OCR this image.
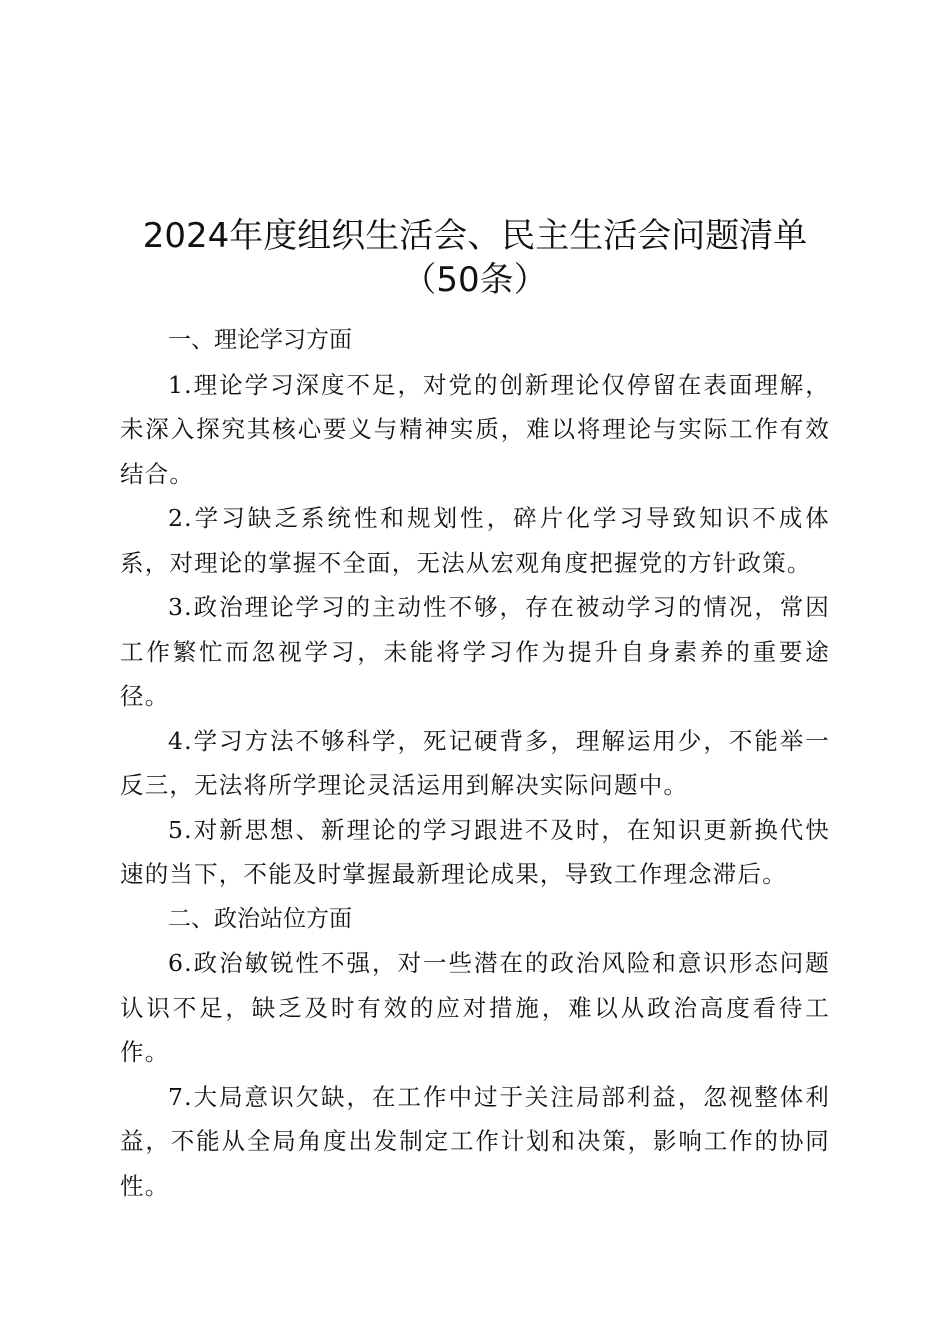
2024年度组织生活会、民主生活会问题清单
（50条）
一、理论学习方面

1.理论学习深度不足，对党的创新理论仅停留在表面理解，未深入探究其核心要义与精神实质，难以将理论与实际工作有效结合。

2.学习缺乏系统性和规划性，碎片化学习导致知识不成体系，对理论的掌握不全面，无法从宏观角度把握党的方针政策。

3.政治理论学习的主动性不够，存在被动学习的情况，常因工作繁忙而忽视学习，未能将学习作为提升自身素养的重要途径。

4.学习方法不够科学，死记硬背多，理解运用少，不能举一反三，无法将所学理论灵活运用到解决实际问题中。

5.对新思想、新理论的学习跟进不及时，在知识更新换代快速的当下，不能及时掌握最新理论成果，导致工作理念滞后。

二、政治站位方面

6.政治敏锐性不强，对一些潜在的政治风险和意识形态问题认识不足，缺乏及时有效的应对措施，难以从政治高度看待工作。

7.大局意识欠缺，在工作中过于关注局部利益，忽视整体利益，不能从全局角度出发制定工作计划和决策，影响工作的协同性。
